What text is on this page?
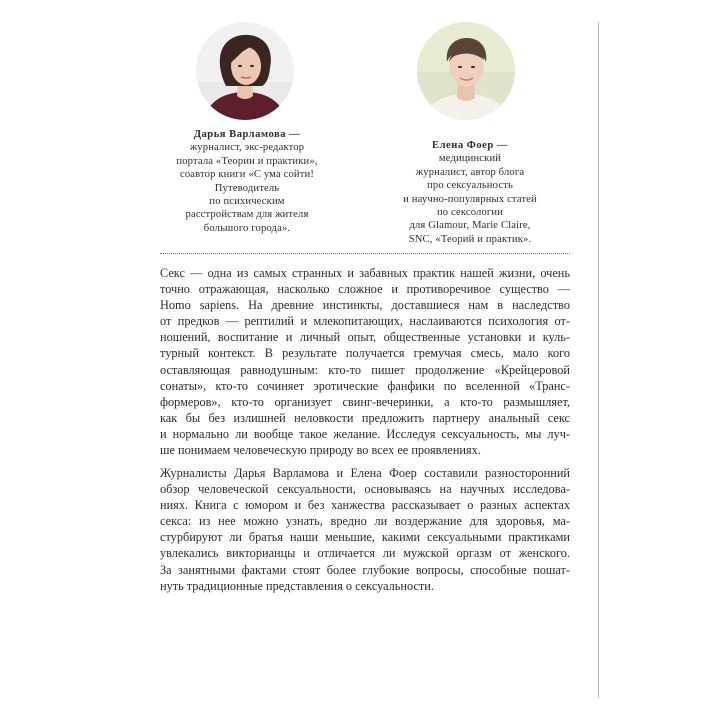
Дарья Варламова —
журналист, экс-редактор
портала «Теории и практики»,
соавтор книги «С ума сойти!
Путеводитель
по психическим
расстройствам для жителя
большого города».
Елена Фоер —
медицинский
журналист, автор блога
про сексуальность
и научно-популярных статей
по сексологии
для Glamour, Marie Claire,
SNC, «Теорий и практик».
Секс — одна из самых странных и забавных практик нашей жизни, очень
точно отражающая, насколько сложное и противоречивое существо —
Homo sapiens. На древние инстинкты, доставшиеся нам в наследство
от предков — рептилий и млекопитающих, наслаиваются психология от-
ношений, воспитание и личный опыт, общественные установки и куль-
турный контекст. В результате получается гремучая смесь, мало кого
оставляющая равнодушным: кто-то пишет продолжение «Крейцеровой
сонаты», кто-то сочиняет эротические фанфики по вселенной «Транс-
формеров», кто-то организует свинг-вечеринки, а кто-то размышляет,
как бы без излишней неловкости предложить партнеру анальный секс
и нормально ли вообще такое желание. Исследуя сексуальность, мы луч-
ше понимаем человеческую природу во всех ее проявлениях.
Журналисты Дарья Варламова и Елена Фоер составили разносторонний
обзор человеческой сексуальности, основываясь на научных исследова-
ниях. Книга с юмором и без ханжества рассказывает о разных аспектах
секса: из нее можно узнать, вредно ли воздержание для здоровья, ма-
стурбируют ли братья наши меньшие, какими сексуальными практиками
увлекались викторианцы и отличается ли мужской оргазм от женского.
За занятными фактами стоят более глубокие вопросы, способные пошат-
нуть традиционные представления о сексуальности.
